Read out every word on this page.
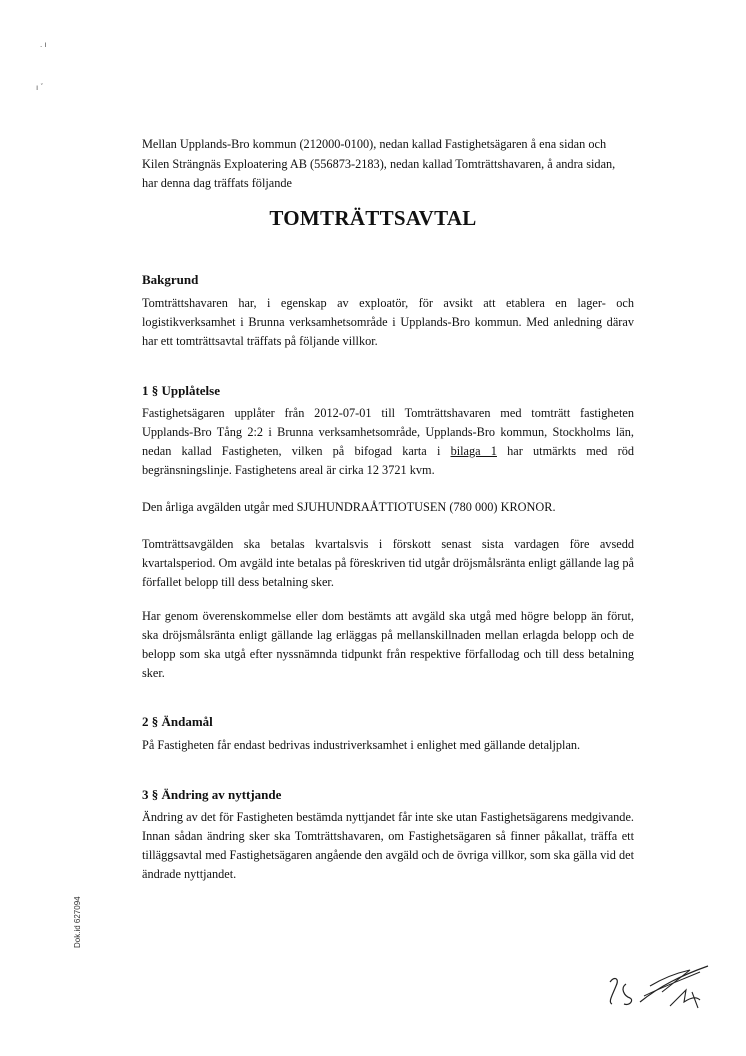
. ı
ı ﾞ
Mellan Upplands-Bro kommun (212000-0100), nedan kallad Fastighetsägaren å ena sidan och
Kilen Strängnäs Exploatering AB (556873-2183), nedan kallad Tomträttshavaren, å andra sidan,
har denna dag träffats följande
TOMTRÄTTSAVTAL
Bakgrund
Tomträttshavaren har, i egenskap av exploatör, för avsikt att etablera en lager- och logistikverksamhet i Brunna verksamhetsområde i Upplands-Bro kommun. Med anledning därav har ett tomträttsavtal träffats på följande villkor.
1 § Upplåtelse
Fastighetsägaren upplåter från 2012-07-01 till Tomträttshavaren med tomträtt fastigheten Upplands-Bro Tång 2:2 i Brunna verksamhetsområde, Upplands-Bro kommun, Stockholms län, nedan kallad Fastigheten, vilken på bifogad karta i bilaga 1 har utmärkts med röd begränsningslinje. Fastighetens areal är cirka 12 3721 kvm.
Den årliga avgälden utgår med SJUHUNDRAÅTTIOTUSEN (780 000) KRONOR.
Tomträttsavgälden ska betalas kvartalsvis i förskott senast sista vardagen före avsedd kvartalsperiod. Om avgäld inte betalas på föreskriven tid utgår dröjsmålsränta enligt gällande lag på förfallet belopp till dess betalning sker.
Har genom överenskommelse eller dom bestämts att avgäld ska utgå med högre belopp än förut, ska dröjsmålsränta enligt gällande lag erläggas på mellanskillnaden mellan erlagda belopp och de belopp som ska utgå efter nyssnämnda tidpunkt från respektive förfallodag och till dess betalning sker.
2 § Ändamål
På Fastigheten får endast bedrivas industriverksamhet i enlighet med gällande detaljplan.
3 § Ändring av nyttjande
Ändring av det för Fastigheten bestämda nyttjandet får inte ske utan Fastighetsägarens medgivande. Innan sådan ändring sker ska Tomträttshavaren, om Fastighetsägaren så finner påkallat, träffa ett tilläggsavtal med Fastighetsägaren angående den avgäld och de övriga villkor, som ska gälla vid det ändrade nyttjandet.
Dok.id 627094
